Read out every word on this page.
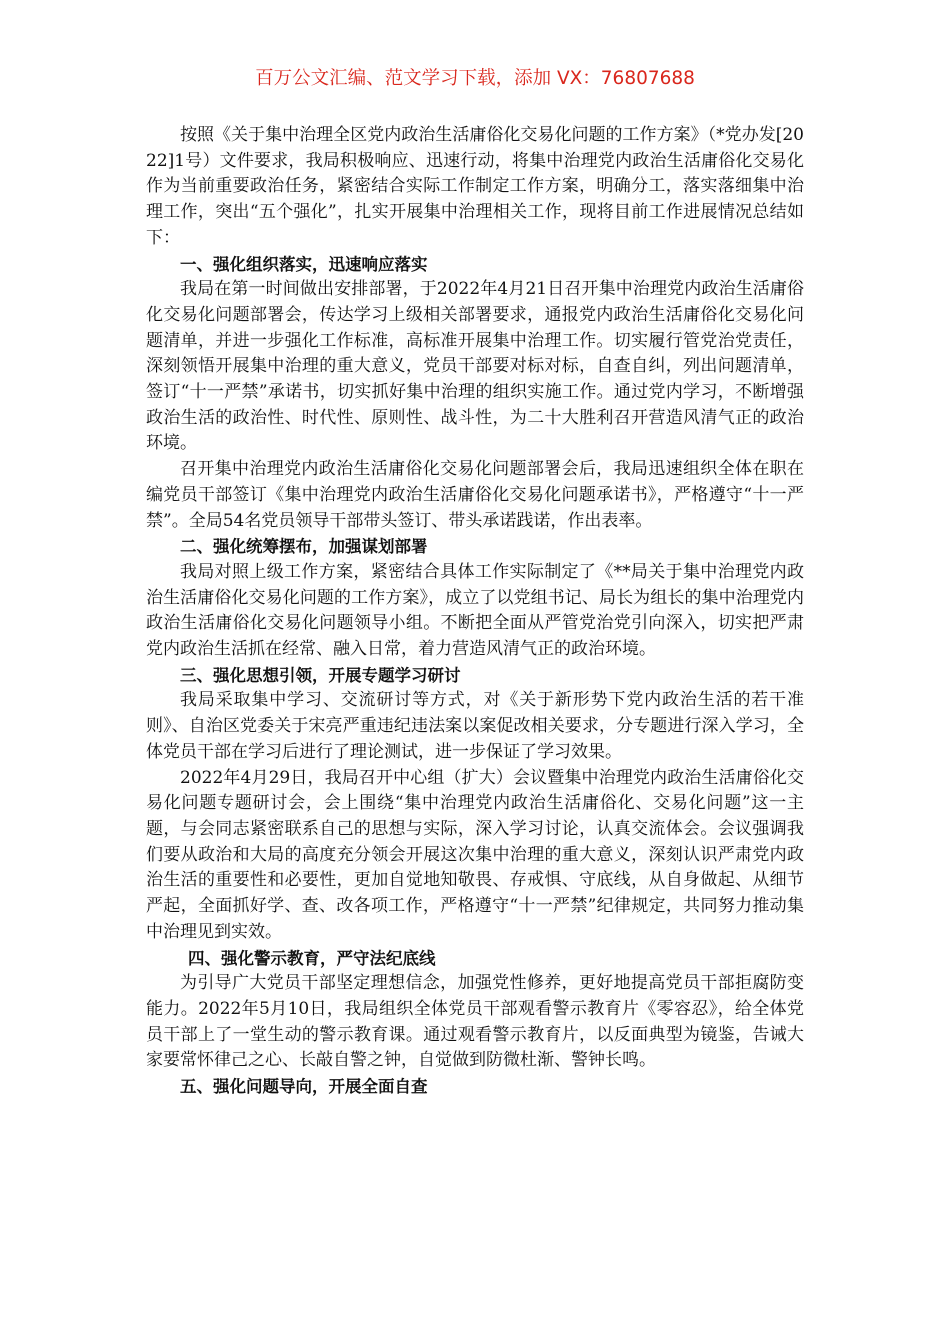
百万公文汇编、范文学习下载，添加 VX：76807688

按照《关于集中治理全区党内政治生活庸俗化交易化问题的工作方案》（*党办发[2022]1号）文件要求，我局积极响应、迅速行动，将集中治理党内政治生活庸俗化交易化作为当前重要政治任务，紧密结合实际工作制定工作方案，明确分工，落实落细集中治理工作，突出“五个强化”，扎实开展集中治理相关工作，现将目前工作进展情况总结如下：

一、强化组织落实，迅速响应落实

我局在第一时间做出安排部署，于2022年4月21日召开集中治理党内政治生活庸俗化交易化问题部署会，传达学习上级相关部署要求，通报党内政治生活庸俗化交易化问题清单，并进一步强化工作标准，高标准开展集中治理工作。切实履行管党治党责任，深刻领悟开展集中治理的重大意义，党员干部要对标对标，自查自纠，列出问题清单，签订“十一严禁”承诺书，切实抓好集中治理的组织实施工作。通过党内学习，不断增强政治生活的政治性、时代性、原则性、战斗性，为二十大胜利召开营造风清气正的政治环境。

召开集中治理党内政治生活庸俗化交易化问题部署会后，我局迅速组织全体在职在编党员干部签订《集中治理党内政治生活庸俗化交易化问题承诺书》，严格遵守“十一严禁”。全局54名党员领导干部带头签订、带头承诺践诺，作出表率。

二、强化统筹摆布，加强谋划部署

我局对照上级工作方案，紧密结合具体工作实际制定了《**局关于集中治理党内政治生活庸俗化交易化问题的工作方案》，成立了以党组书记、局长为组长的集中治理党内政治生活庸俗化交易化问题领导小组。不断把全面从严管党治党引向深入，切实把严肃党内政治生活抓在经常、融入日常，着力营造风清气正的政治环境。

三、强化思想引领，开展专题学习研讨

我局采取集中学习、交流研讨等方式，对《关于新形势下党内政治生活的若干准则》、自治区党委关于宋亮严重违纪违法案以案促改相关要求，分专题进行深入学习，全体党员干部在学习后进行了理论测试，进一步保证了学习效果。

2022年4月29日，我局召开中心组（扩大）会议暨集中治理党内政治生活庸俗化交易化问题专题研讨会，会上围绕“集中治理党内政治生活庸俗化、交易化问题”这一主题，与会同志紧密联系自己的思想与实际，深入学习讨论，认真交流体会。会议强调我们要从政治和大局的高度充分领会开展这次集中治理的重大意义，深刻认识严肃党内政治生活的重要性和必要性，更加自觉地知敬畏、存戒惧、守底线，从自身做起、从细节严起，全面抓好学、查、改各项工作，严格遵守“十一严禁”纪律规定，共同努力推动集中治理见到实效。

四、强化警示教育，严守法纪底线

为引导广大党员干部坚定理想信念，加强党性修养，更好地提高党员干部拒腐防变能力。2022年5月10日，我局组织全体党员干部观看警示教育片《零容忍》，给全体党员干部上了一堂生动的警示教育课。通过观看警示教育片，以反面典型为镜鉴，告诫大家要常怀律己之心、长敲自警之钟，自觉做到防微杜渐、警钟长鸣。

五、强化问题导向，开展全面自查
